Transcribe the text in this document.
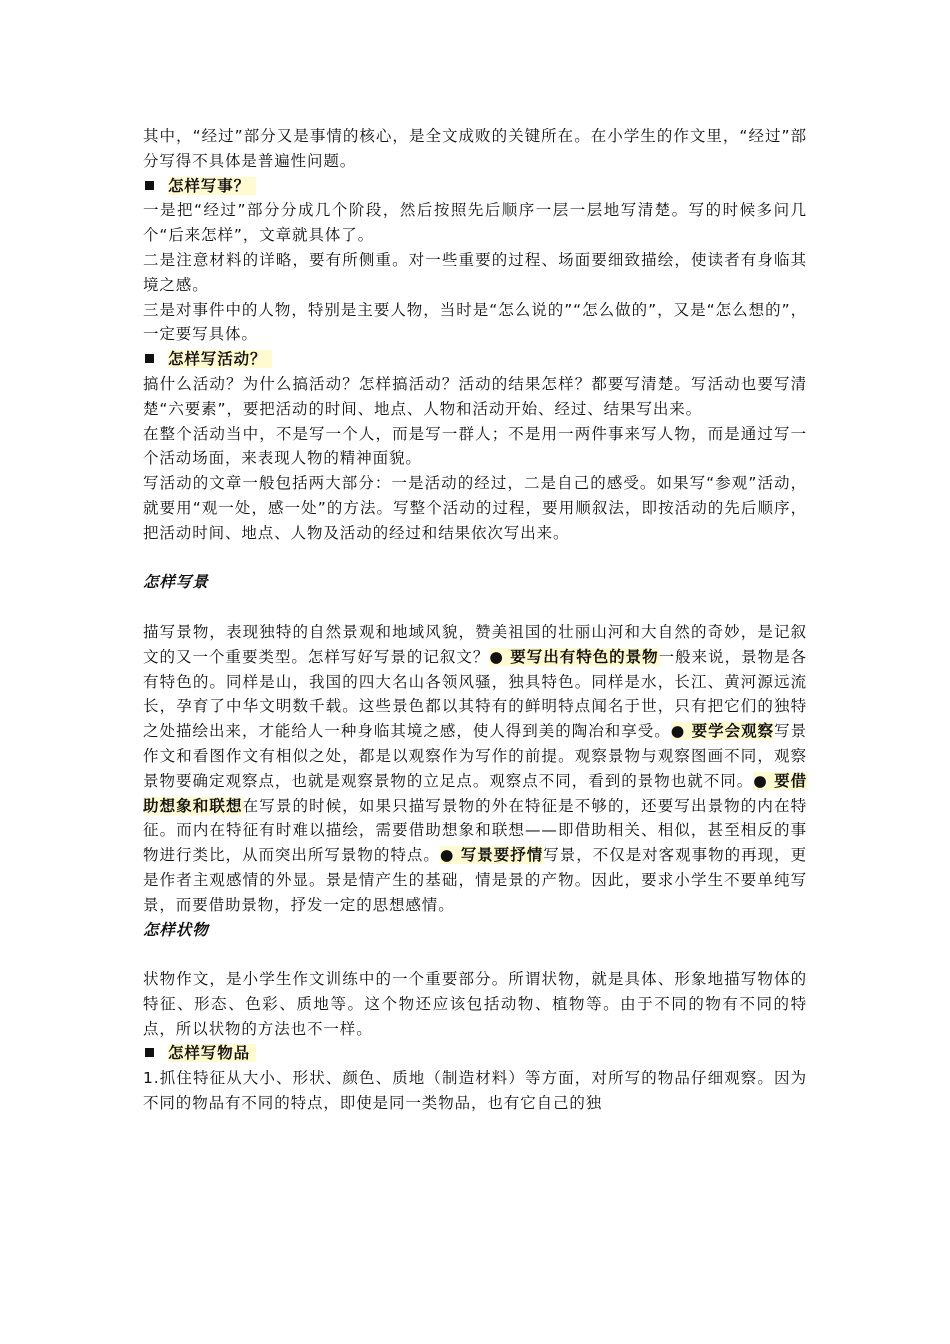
其中，“经过”部分又是事情的核心，是全文成败的关键所在。在小学生的作文里，“经过”部分写得不具体是普遍性问题。

怎样写事？

一是把“经过”部分分成几个阶段，然后按照先后顺序一层一层地写清楚。写的时候多问几个“后来怎样”，文章就具体了。

二是注意材料的详略，要有所侧重。对一些重要的过程、场面要细致描绘，使读者有身临其境之感。

三是对事件中的人物，特别是主要人物，当时是“怎么说的”“怎么做的”，又是“怎么想的”，一定要写具体。

怎样写活动？

搞什么活动？为什么搞活动？怎样搞活动？活动的结果怎样？都要写清楚。写活动也要写清楚“六要素”，要把活动的时间、地点、人物和活动开始、经过、结果写出来。

在整个活动当中，不是写一个人，而是写一群人；不是用一两件事来写人物，而是通过写一个活动场面，来表现人物的精神面貌。

写活动的文章一般包括两大部分：一是活动的经过，二是自己的感受。如果写“参观”活动，就要用“观一处，感一处”的方法。写整个活动的过程，要用顺叙法，即按活动的先后顺序，把活动时间、地点、人物及活动的经过和结果依次写出来。

怎样写景

描写景物，表现独特的自然景观和地域风貌，赞美祖国的壮丽山河和大自然的奇妙，是记叙文的又一个重要类型。怎样写好写景的记叙文？● 要写出有特色的景物一般来说，景物是各有特色的。同样是山，我国的四大名山各领风骚，独具特色。同样是水，长江、黄河源远流长，孕育了中华文明数千载。这些景色都以其特有的鲜明特点闻名于世，只有把它们的独特之处描绘出来，才能给人一种身临其境之感，使人得到美的陶冶和享受。● 要学会观察写景作文和看图作文有相似之处，都是以观察作为写作的前提。观察景物与观察图画不同，观察景物要确定观察点，也就是观察景物的立足点。观察点不同，看到的景物也就不同。● 要借助想象和联想在写景的时候，如果只描写景物的外在特征是不够的，还要写出景物的内在特征。而内在特征有时难以描绘，需要借助想象和联想——即借助相关、相似，甚至相反的事物进行类比，从而突出所写景物的特点。● 写景要抒情写景，不仅是对客观事物的再现，更是作者主观感情的外显。景是情产生的基础，情是景的产物。因此，要求小学生不要单纯写景，而要借助景物，抒发一定的思想感情。

怎样状物

状物作文，是小学生作文训练中的一个重要部分。所谓状物，就是具体、形象地描写物体的特征、形态、色彩、质地等。这个物还应该包括动物、植物等。由于不同的物有不同的特点，所以状物的方法也不一样。

怎样写物品

1.抓住特征从大小、形状、颜色、质地（制造材料）等方面，对所写的物品仔细观察。因为不同的物品有不同的特点，即使是同一类物品，也有它自己的独
